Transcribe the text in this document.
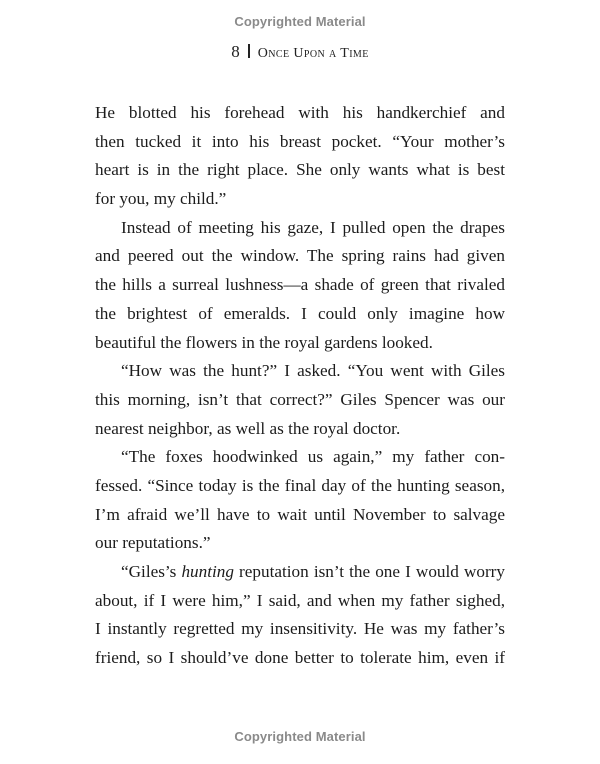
Copyrighted Material
8 Once Upon a Time
He blotted his forehead with his handkerchief and
then tucked it into his breast pocket. “Your mother’s
heart is in the right place. She only wants what is best
for you, my child.”
Instead of meeting his gaze, I pulled open the drapes
and peered out the window. The spring rains had given
the hills a surreal lushness—a shade of green that rivaled
the brightest of emeralds. I could only imagine how
beautiful the flowers in the royal gardens looked.
“How was the hunt?” I asked. “You went with Giles
this morning, isn’t that correct?” Giles Spencer was our
nearest neighbor, as well as the royal doctor.
“The foxes hoodwinked us again,” my father con-
fessed. “Since today is the final day of the hunting season,
I’m afraid we’ll have to wait until November to salvage
our reputations.”
“Giles’s hunting reputation isn’t the one I would worry
about, if I were him,” I said, and when my father sighed,
I instantly regretted my insensitivity. He was my father’s
friend, so I should’ve done better to tolerate him, even if
Copyrighted Material
